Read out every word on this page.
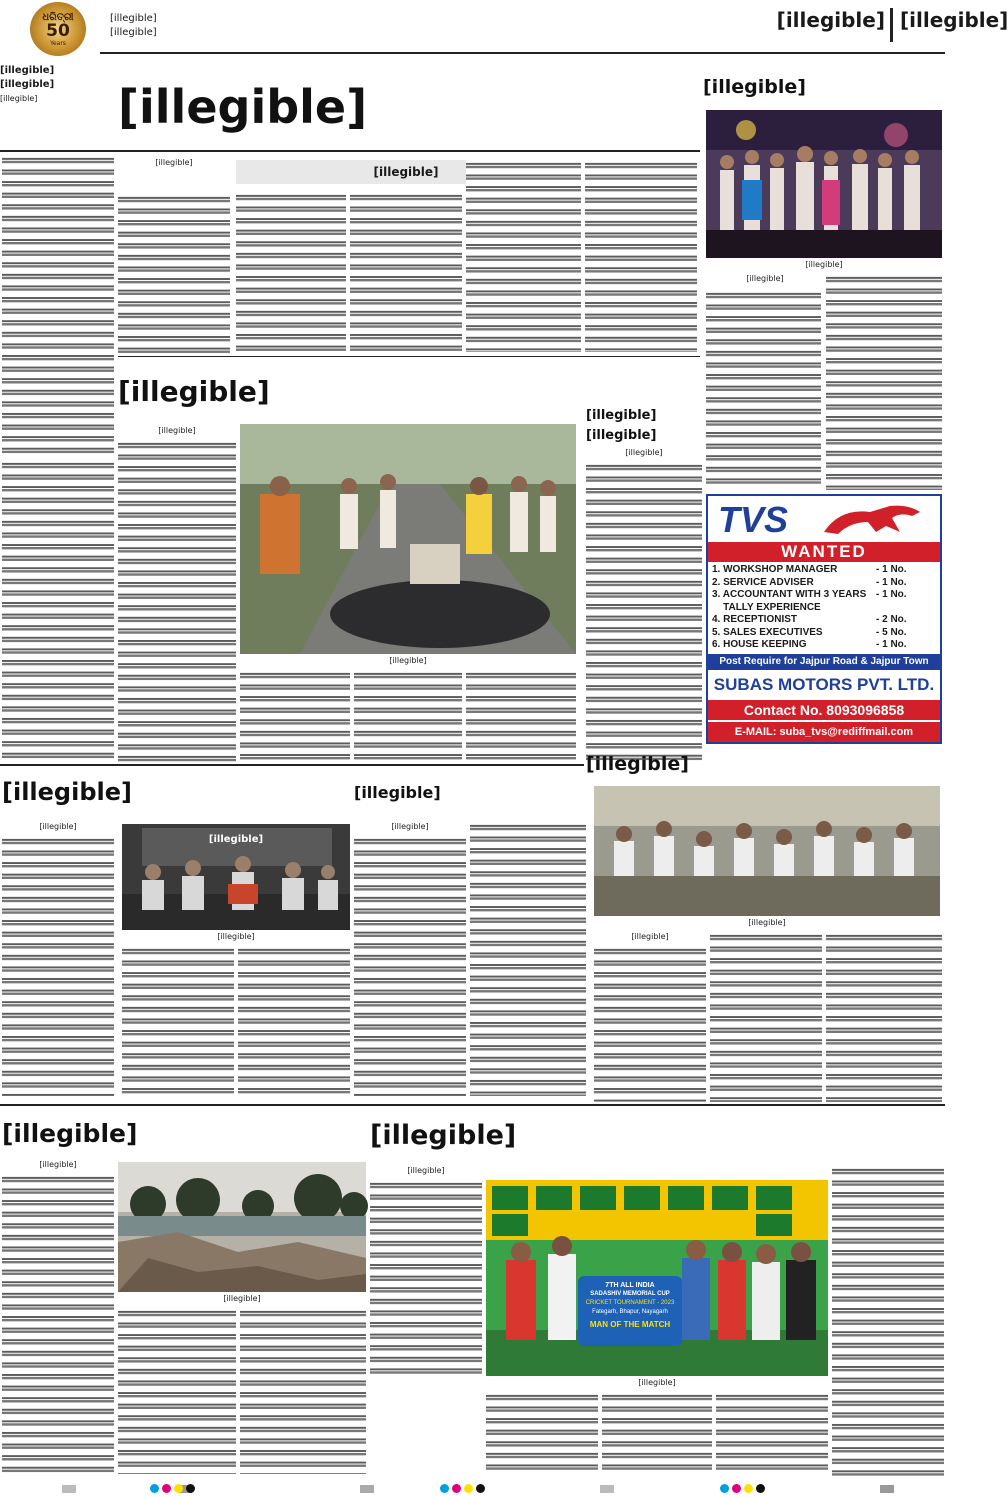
ଧରିତ୍ରୀ
50
Years
[illegible]
[illegible]
[illegible] [illegible]
[illegible]
[illegible]
[illegible]	[illegible]
[illegible]
[illegible]
[illegible]
[illegible]
[illegible]
[illegible]
[illegible]
[illegible]
[illegible]
[illegible]
[illegible]
TVS
WANTED
1. WORKSHOP MANAGER	- 1 No.
2. SERVICE ADVISER	- 1 No.
3. ACCOUNTANT WITH 3 YEARS - 1 No.
TALLY EXPERIENCE
4. RECEPTIONIST	- 2 No.
5. SALES EXECUTIVES	- 5 No.
6. HOUSE KEEPING	- 1 No.
Post Require for Jajpur Road & Jajpur Town
SUBAS MOTORS PVT. LTD.
Contact No. 8093096858
E-MAIL: suba_tvs@rediffmail.com
[illegible]
[illegible]
[illegible]
[illegible]
[illegible]
[illegible]
[illegible]
[illegible]
[illegible]
[illegible]
[illegible]
[illegible]
[illegible]
[illegible]
7TH ALL INDIA
SADASHIV MEMORIAL CUP
CRICKET TOURNAMENT - 2023
Fategarh, Bhapur, Nayagarh
MAN OF THE MATCH
[illegible]
